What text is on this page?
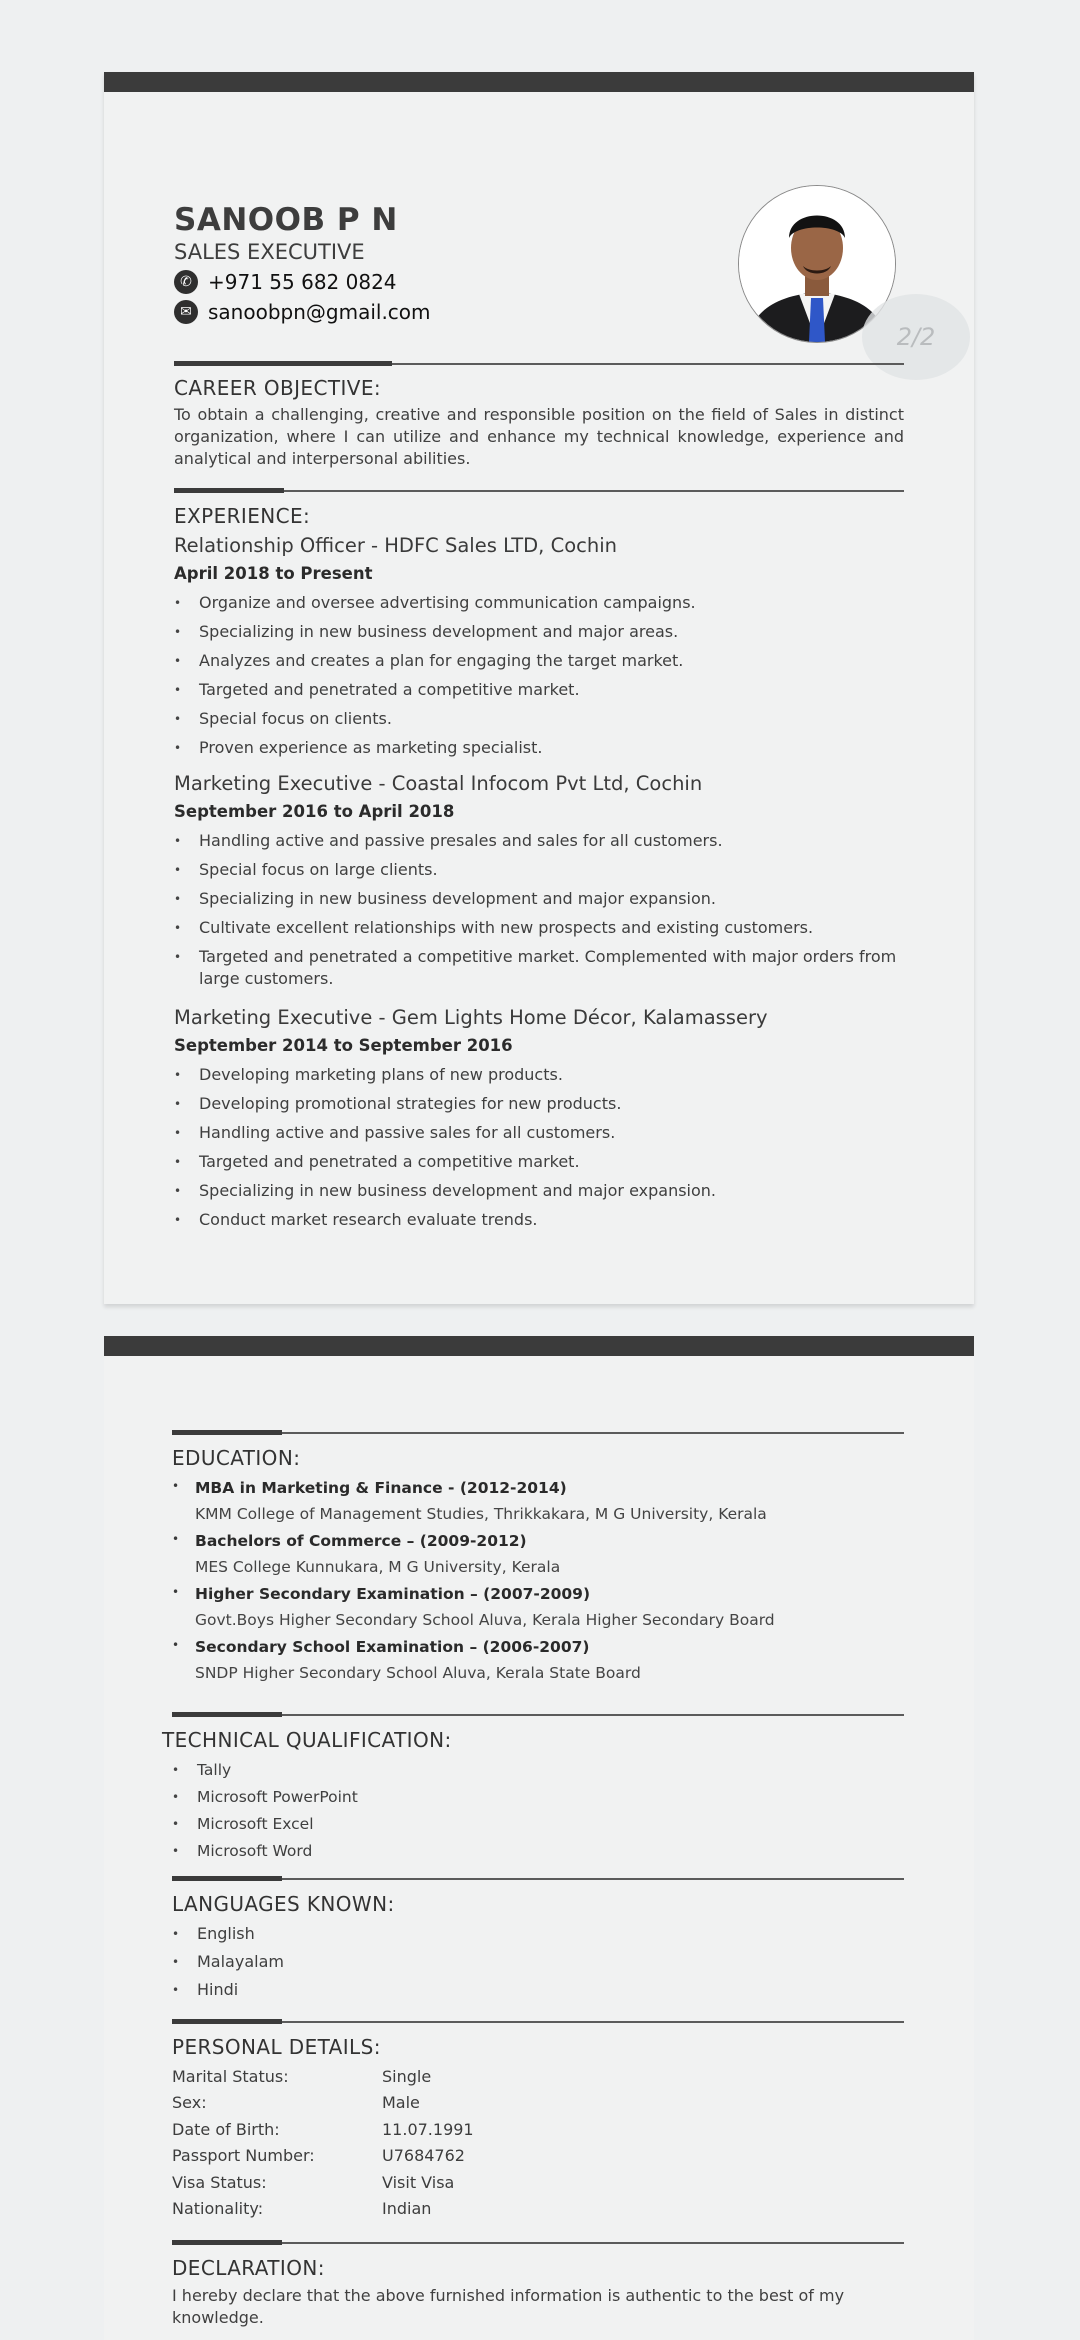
SANOOB P N
SALES EXECUTIVE
✆ +971 55 682 0824
✉ sanoobpn@gmail.com
2/2
CAREER OBJECTIVE:
To obtain a challenging, creative and responsible position on the field of Sales in distinct organization, where I can utilize and enhance my technical knowledge, experience and analytical and interpersonal abilities.
EXPERIENCE:
Relationship Officer - HDFC Sales LTD, Cochin
April 2018 to Present
• Organize and oversee advertising communication campaigns.
• Specializing in new business development and major areas.
• Analyzes and creates a plan for engaging the target market.
• Targeted and penetrated a competitive market.
• Special focus on clients.
• Proven experience as marketing specialist.
Marketing Executive - Coastal Infocom Pvt Ltd, Cochin
September 2016 to April 2018
• Handling active and passive presales and sales for all customers.
• Special focus on large clients.
• Specializing in new business development and major expansion.
• Cultivate excellent relationships with new prospects and existing customers.
• Targeted and penetrated a competitive market. Complemented with major orders from large customers.
Marketing Executive - Gem Lights Home Décor, Kalamassery
September 2014 to September 2016
• Developing marketing plans of new products.
• Developing promotional strategies for new products.
• Handling active and passive sales for all customers.
• Targeted and penetrated a competitive market.
• Specializing in new business development and major expansion.
• Conduct market research evaluate trends.
EDUCATION:
• MBA in Marketing & Finance - (2012-2014)
KMM College of Management Studies, Thrikkakara, M G University, Kerala
• Bachelors of Commerce – (2009-2012)
MES College Kunnukara, M G University, Kerala
• Higher Secondary Examination – (2007-2009)
Govt.Boys Higher Secondary School Aluva, Kerala Higher Secondary Board
• Secondary School Examination – (2006-2007)
SNDP Higher Secondary School Aluva, Kerala State Board
TECHNICAL QUALIFICATION:
• Tally
• Microsoft PowerPoint
• Microsoft Excel
• Microsoft Word
LANGUAGES KNOWN:
• English
• Malayalam
• Hindi
PERSONAL DETAILS:
Marital Status:	Single
Sex:	Male
Date of Birth:	11.07.1991
Passport Number:	U7684762
Visa Status:	Visit Visa
Nationality:	Indian
DECLARATION:
I hereby declare that the above furnished information is authentic to the best of my knowledge.
